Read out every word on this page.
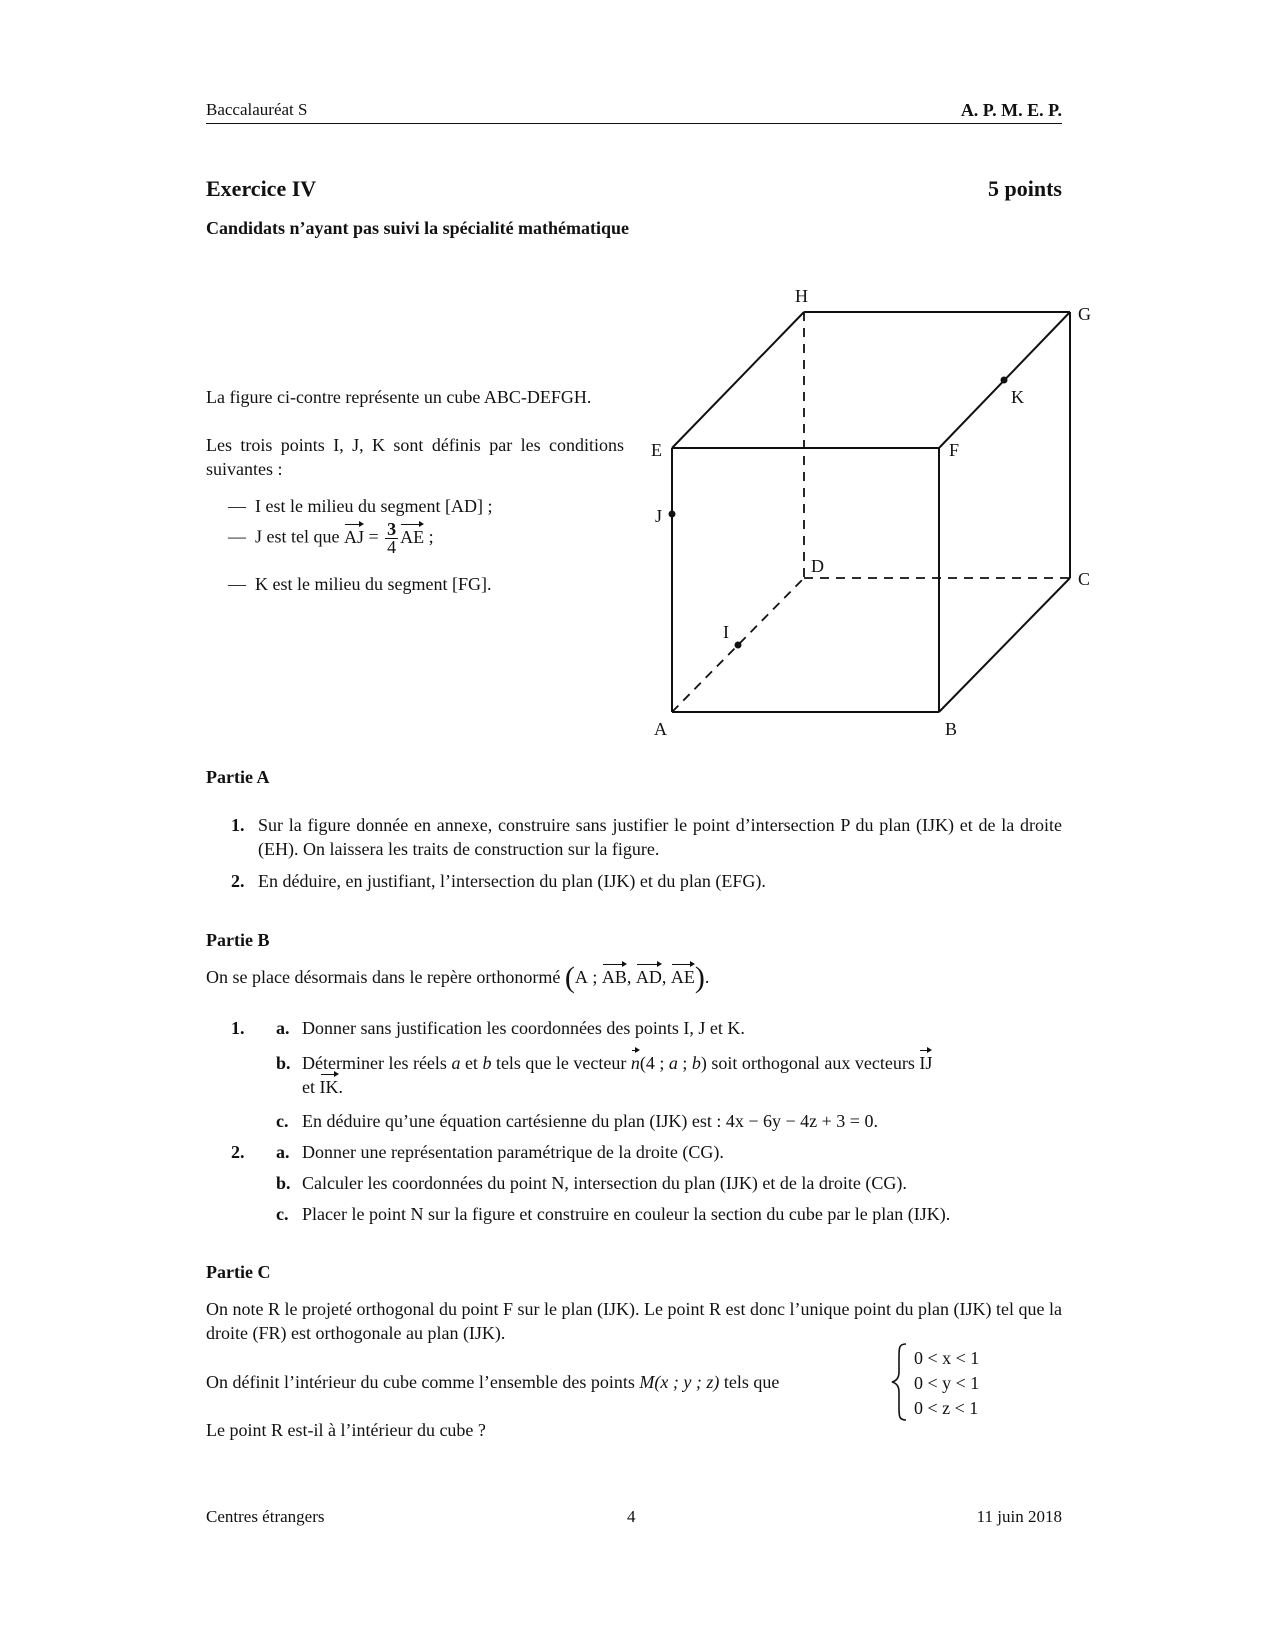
Baccalauréat S	A. P. M. E. P.
Exercice IV	5 points
Candidats n’ayant pas suivi la spécialité mathématique
La figure ci-contre représente un cube ABC-DEFGH.
Les trois points I, J, K sont définis par les conditions suivantes :
— I est le milieu du segment [AD] ;
— J est tel que AJ = $\frac{3}{4}$ AE ;
— K est le milieu du segment [FG].
A	B
C
D
E	F
G
H
I
J
K
Partie A
1. Sur la figure donnée en annexe, construire sans justifier le point d’intersection P du plan (IJK) et de la droite (EH). On laissera les traits de construction sur la figure.
2. En déduire, en justifiant, l’intersection du plan (IJK) et du plan (EFG).
Partie B
On se place désormais dans le repère orthonormé (A ; AB, AD, AE).
1. a. Donner sans justification les coordonnées des points I, J et K.
b. Déterminer les réels a et b tels que le vecteur n(4 ; a ; b) soit orthogonal aux vecteurs IJ
et IK.
c. En déduire qu’une équation cartésienne du plan (IJK) est : 4x − 6y − 4z + 3 = 0.
2. a. Donner une représentation paramétrique de la droite (CG).
b. Calculer les coordonnées du point N, intersection du plan (IJK) et de la droite (CG).
c. Placer le point N sur la figure et construire en couleur la section du cube par le plan (IJK).
Partie C
On note R le projeté orthogonal du point F sur le plan (IJK). Le point R est donc l’unique point du plan (IJK) tel que la droite (FR) est orthogonale au plan (IJK).
On définit l’intérieur du cube comme l’ensemble des points M(x ; y ; z) tels que
0 < x < 1
0 < y < 1
0 < z < 1
Le point R est-il à l’intérieur du cube ?
Centres étrangers	4	11 juin 2018
